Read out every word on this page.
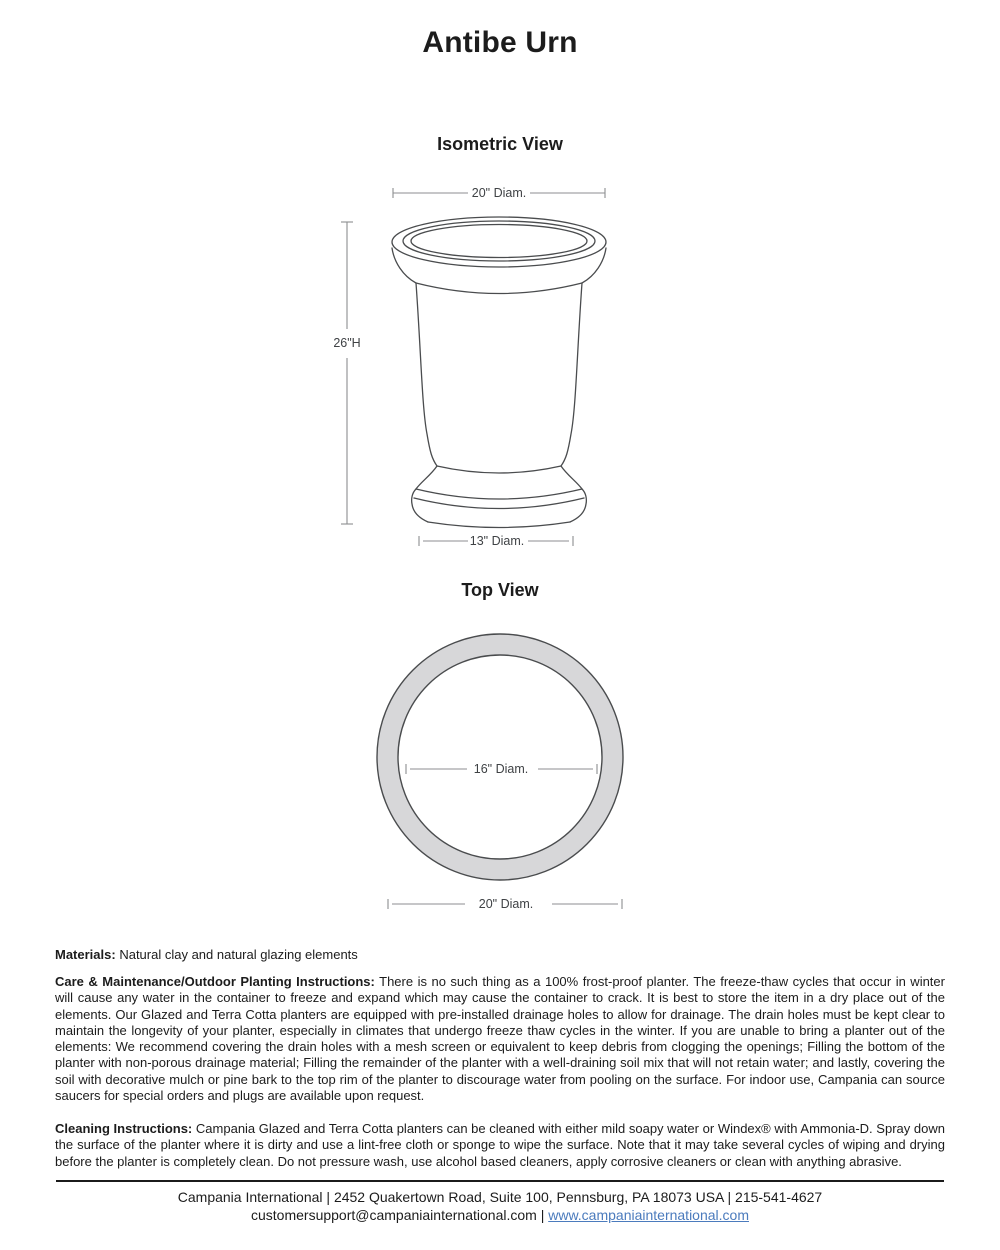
Antibe Urn
Isometric View
20" Diam.
26"H
13" Diam.
Top View
16" Diam.
20" Diam.

Materials: Natural clay and natural glazing elements

Care & Maintenance/Outdoor Planting Instructions: There is no such thing as a 100% frost-proof planter. The freeze-thaw cycles that occur in winter will cause any water in the container to freeze and expand which may cause the container to crack. It is best to store the item in a dry place out of the elements. Our Glazed and Terra Cotta planters are equipped with pre-installed drainage holes to allow for drainage. The drain holes must be kept clear to maintain the longevity of your planter, especially in climates that undergo freeze thaw cycles in the winter. If you are unable to bring a planter out of the elements: We recommend covering the drain holes with a mesh screen or equivalent to keep debris from clogging the openings; Filling the bottom of the planter with non-porous drainage material; Filling the remainder of the planter with a well-draining soil mix that will not retain water; and lastly, covering the soil with decorative mulch or pine bark to the top rim of the planter to discourage water from pooling on the surface. For indoor use, Campania can source saucers for special orders and plugs are available upon request.

Cleaning Instructions: Campania Glazed and Terra Cotta planters can be cleaned with either mild soapy water or Windex® with Ammonia-D. Spray down the surface of the planter where it is dirty and use a lint-free cloth or sponge to wipe the surface. Note that it may take several cycles of wiping and drying before the planter is completely clean. Do not pressure wash, use alcohol based cleaners, apply corrosive cleaners or clean with anything abrasive.

Campania International | 2452 Quakertown Road, Suite 100, Pennsburg, PA 18073 USA | 215-541-4627
customersupport@campaniainternational.com | www.campaniainternational.com
